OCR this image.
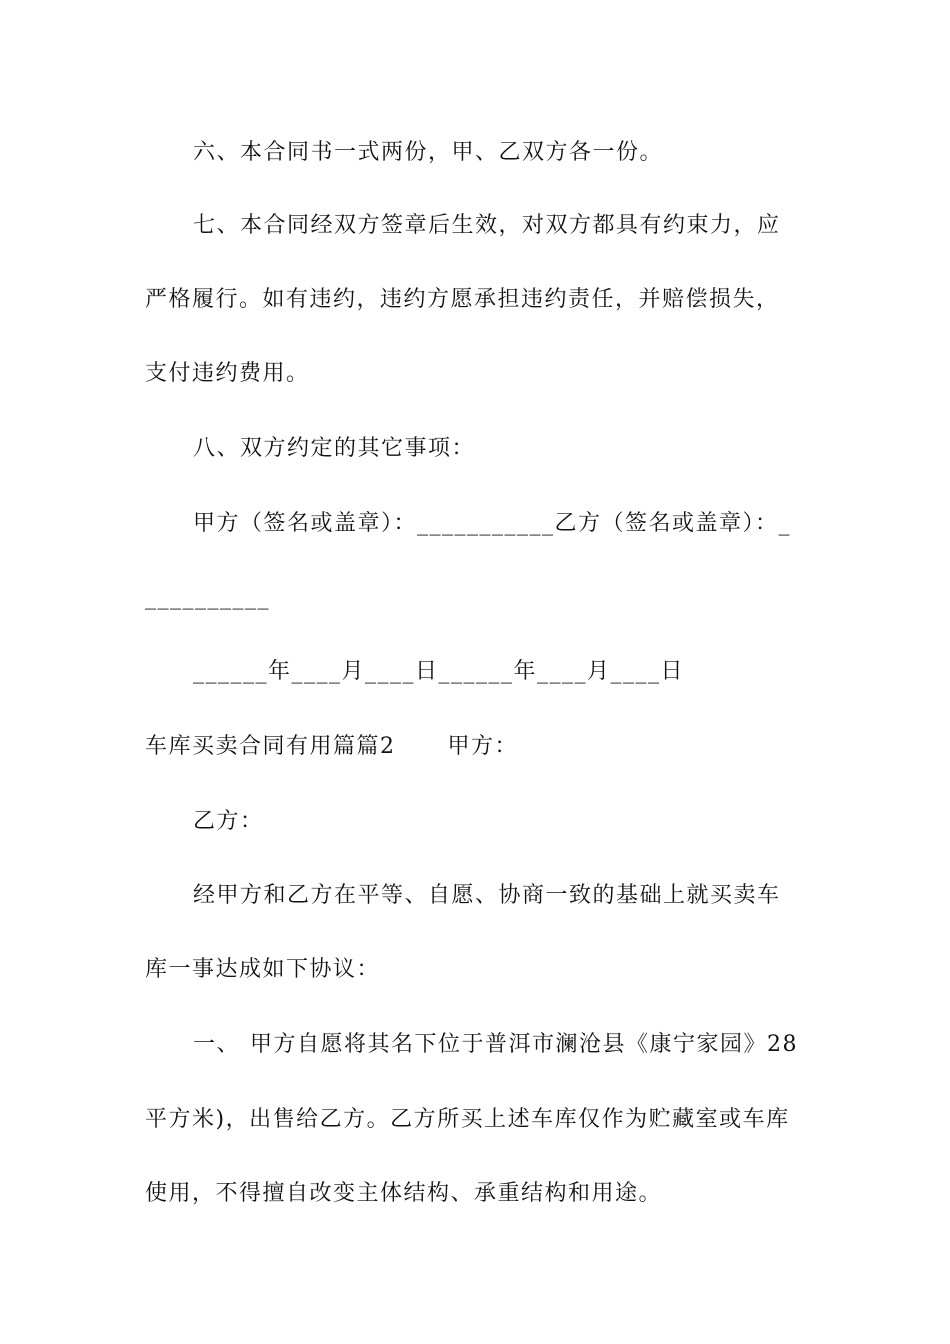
六、本合同书一式两份，甲、乙双方各一份。
七、本合同经双方签章后生效，对双方都具有约束力，应
严格履行。如有违约，违约方愿承担违约责任，并赔偿损失，
支付违约费用。
八、双方约定的其它事项：
甲方（签名或盖章）：___________乙方（签名或盖章）：_
__________
______年____月____日______年____月____日
车库买卖合同有用篇篇2 甲方：
乙方：
经甲方和乙方在平等、自愿、协商一致的基础上就买卖车
库一事达成如下协议：
一、 甲方自愿将其名下位于普洱市澜沧县《康宁家园》28
平方米)，出售给乙方。乙方所买上述车库仅作为贮藏室或车库
使用，不得擅自改变主体结构、承重结构和用途。
